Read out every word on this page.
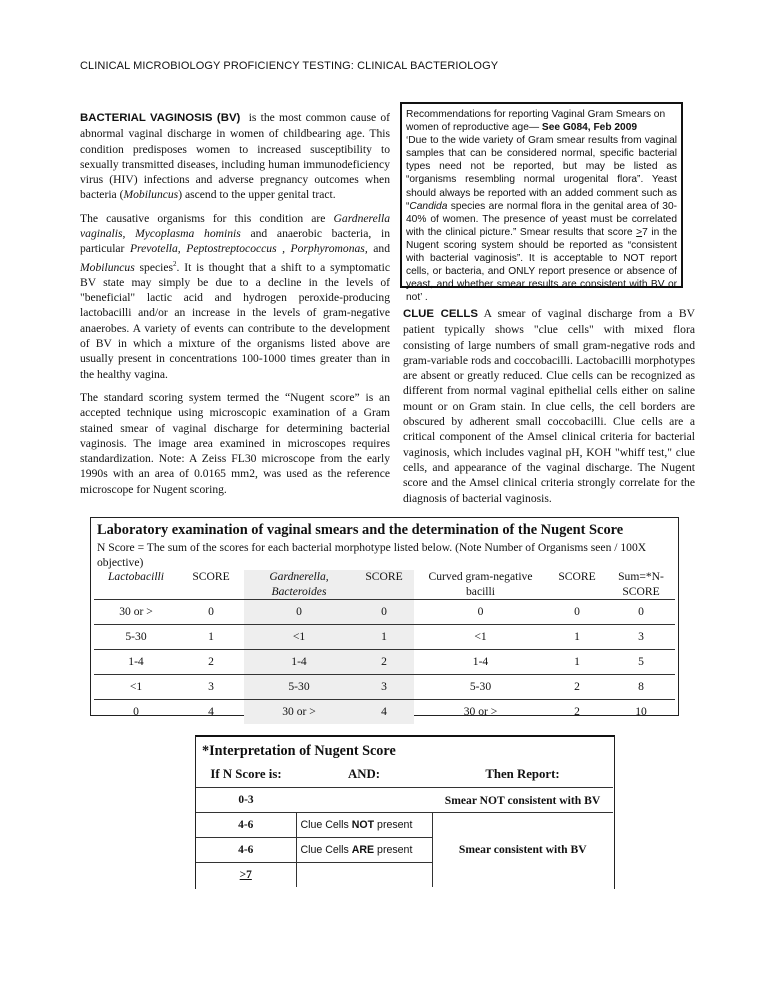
CLINICAL MICROBIOLOGY PROFICIENCY TESTING: CLINICAL BACTERIOLOGY

BACTERIAL VAGINOSIS (BV) is the most common cause of abnormal vaginal discharge in women of childbearing age. This condition predisposes women to increased susceptibility to sexually transmitted diseases, including human immunodeficiency virus (HIV) infections and adverse pregnancy outcomes when bacteria (Mobiluncus) ascend to the upper genital tract.

The causative organisms for this condition are Gardnerella vaginalis, Mycoplasma hominis and anaerobic bacteria, in particular Prevotella, Peptostreptococcus , Porphyromonas, and Mobiluncus species$^2$. It is thought that a shift to a symptomatic BV state may simply be due to a decline in the levels of "beneficial" lactic acid and hydrogen peroxide-producing lactobacilli and/or an increase in the levels of gram-negative anaerobes. A variety of events can contribute to the development of BV in which a mixture of the organisms listed above are usually present in concentrations 100-1000 times greater than in the healthy vagina.

The standard scoring system termed the “Nugent score” is an accepted technique using microscopic examination of a Gram stained smear of vaginal discharge for determining bacterial vaginosis. The image area examined in microscopes requires standardization. Note: A Zeiss FL30 microscope from the early 1990s with an area of 0.0165 mm2, was used as the reference microscope for Nugent scoring.

Recommendations for reporting Vaginal Gram Smears on women of reproductive age— See G084, Feb 2009
‘Due to the wide variety of Gram smear results from vaginal samples that can be considered normal, specific bacterial types need not be reported, but may be listed as “organisms resembling normal urogenital flora”. Yeast should always be reported with an added comment such as “Candida species are normal flora in the genital area of 30-40% of women. The presence of yeast must be correlated with the clinical picture.” Smear results that score >7 in the Nugent scoring system should be reported as “consistent with bacterial vaginosis”. It is acceptable to NOT report cells, or bacteria, and ONLY report presence or absence of yeast, and whether smear results are consistent with BV or not’ .

CLUE CELLS A smear of vaginal discharge from a BV patient typically shows "clue cells" with mixed flora consisting of large numbers of small gram-negative rods and gram-variable rods and coccobacilli. Lactobacilli morphotypes are absent or greatly reduced. Clue cells can be recognized as different from normal vaginal epithelial cells either on saline mount or on Gram stain. In clue cells, the cell borders are obscured by adherent small coccobacilli. Clue cells are a critical component of the Amsel clinical criteria for bacterial vaginosis, which includes vaginal pH, KOH "whiff test," clue cells, and appearance of the vaginal discharge. The Nugent score and the Amsel clinical criteria strongly correlate for the diagnosis of bacterial vaginosis.

Laboratory examination of vaginal smears and the determination of the Nugent Score
N Score = The sum of the scores for each bacterial morphotype listed below. (Note Number of Organisms seen / 100X objective)
Lactobacilli	SCORE	Gardnerella, Bacteroides	SCORE	Curved gram-negative bacilli	SCORE	Sum=*N-SCORE
30 or >	0	0	0	0	0	0
5-30	1	<1	1	<1	1	3
1-4	2	1-4	2	1-4	1	5
<1	3	5-30	3	5-30	2	8
0	4	30 or >	4	30 or >	2	10
*Interpretation of Nugent Score
If N Score is:	AND:	Then Report:
0-3		Smear NOT consistent with BV
4-6	Clue Cells NOT present	Smear consistent with BV
4-6	Clue Cells ARE present	
>7		
